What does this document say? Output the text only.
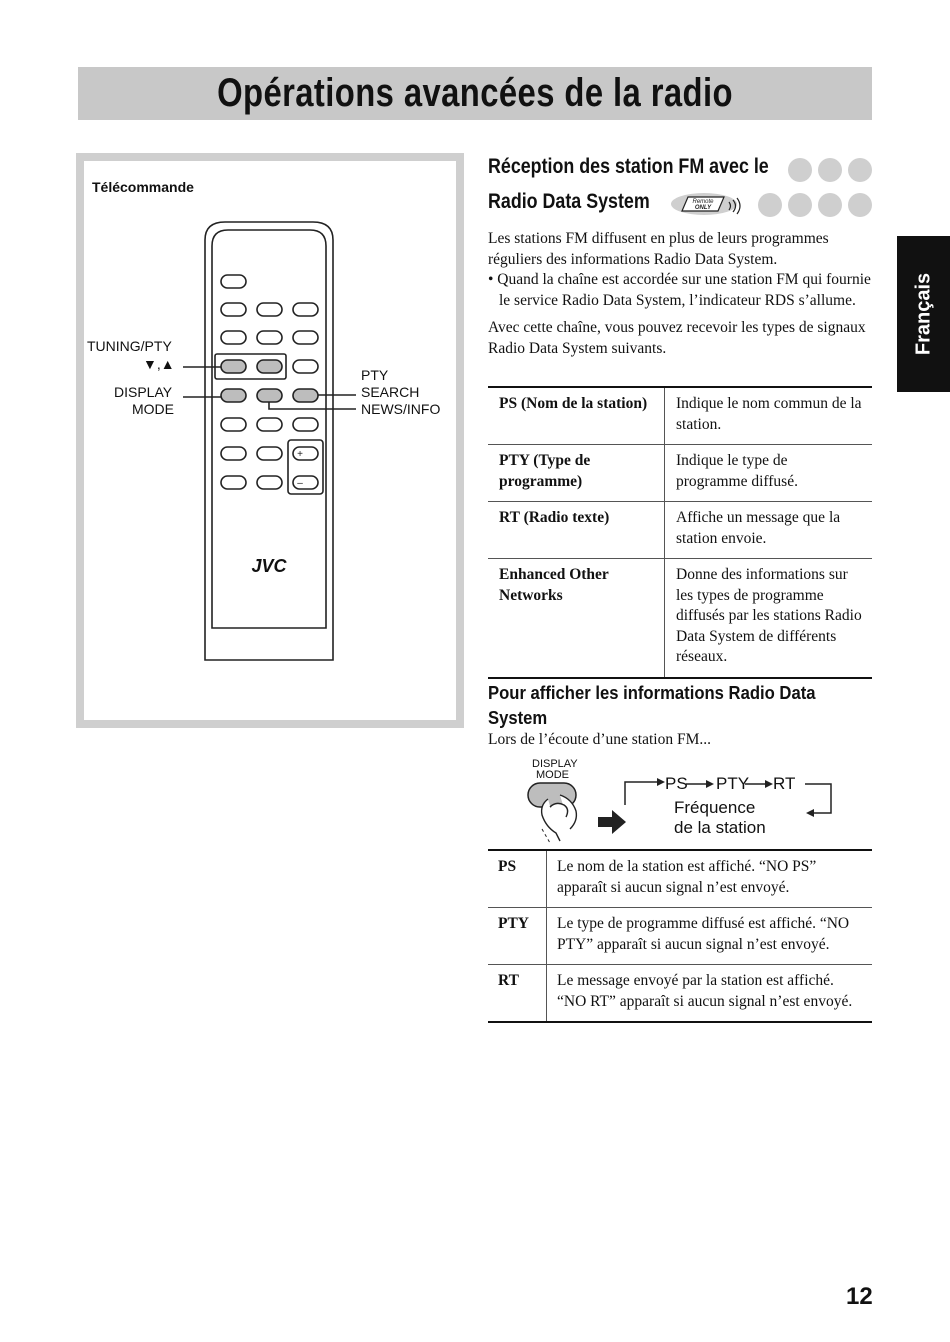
Opérations avancées de la radio
Français
Télécommande
+
–
JVC
TUNING/PTY
▼,▲
DISPLAY
MODE
PTY
SEARCH
NEWS/INFO
Réception des station FM avec le
Radio Data System	Remote
ONLY

Les stations FM diffusent en plus de leurs programmes réguliers des informations Radio Data System.

• Quand la chaîne est accordée sur une station FM qui fournie le service Radio Data System, l’indicateur RDS s’allume.

Avec cette chaîne, vous pouvez recevoir les types de signaux Radio Data System suivants.

PS (Nom de la station)	Indique le nom commun de la station.
PTY (Type de programme)	Indique le type de programme diffusé.
RT (Radio texte)	Affiche un message que la station envoie.
Enhanced Other Networks	Donne des informations sur les types de programme diffusés par les stations Radio Data System de différents réseaux.
Pour afficher les informations Radio Data System
Lors de l’écoute d’une station FM...
DISPLAY
MODE	PS PTY RT
Fréquence
de la station
PS	Le nom de la station est affiché. “NO PS” apparaît si aucun signal n’est envoyé.
PTY	Le type de programme diffusé est affiché. “NO PTY” apparaît si aucun signal n’est envoyé.
RT	Le message envoyé par la station est affiché. “NO RT” apparaît si aucun signal n’est envoyé.
12
